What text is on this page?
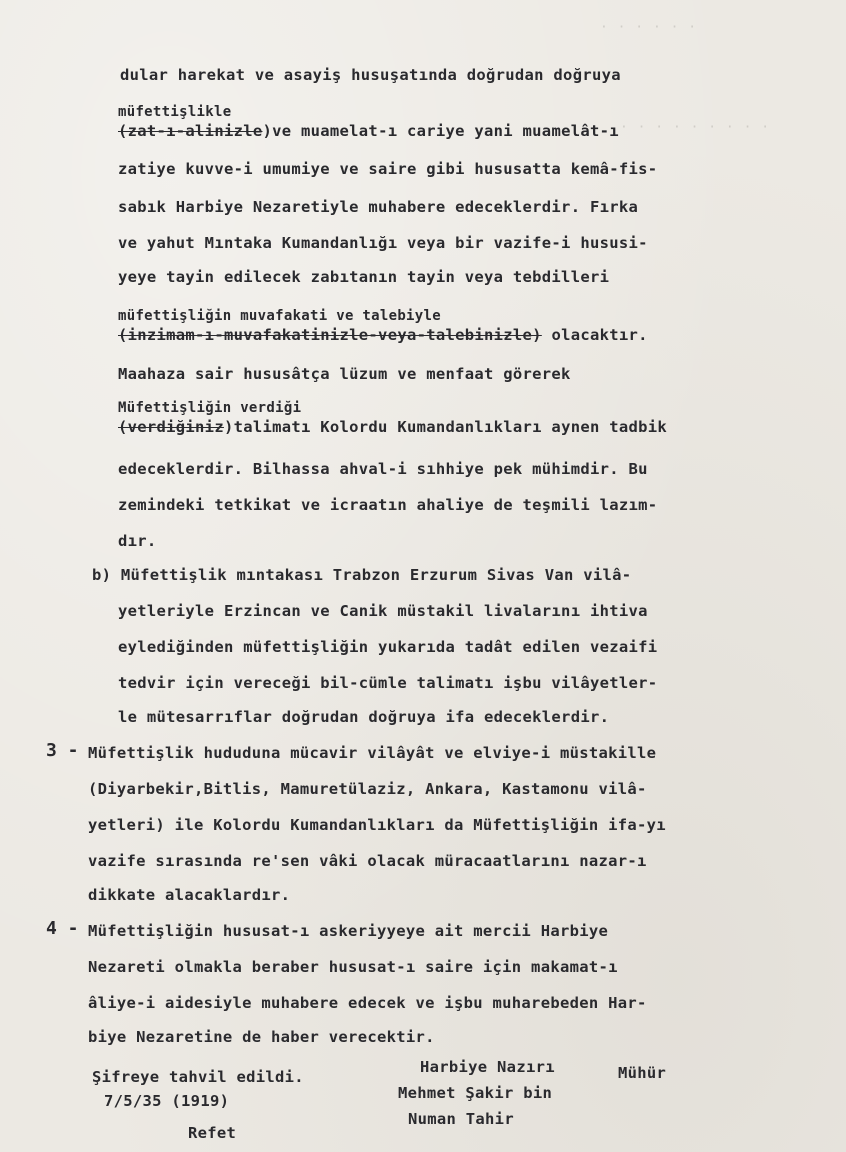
· · · · · ·
· · · · · · · · ·
dular harekat ve asayiş husuşatında doğrudan doğruya
müfettişlikle
(zat-ı-alinizle)ve muamelat-ı cariye yani muamelât-ı
zatiye kuvve-i umumiye ve saire gibi hususatta kemâ-fis-
sabık Harbiye Nezaretiyle muhabere edeceklerdir. Fırka
ve yahut Mıntaka Kumandanlığı veya bir vazife-i hususi-
yeye tayin edilecek zabıtanın tayin veya tebdilleri
müfettişliğin muvafakati ve talebiyle
(inzimam-ı-muvafakatinizle-veya-talebinizle) olacaktır.
Maahaza sair hususâtça lüzum ve menfaat görerek
Müfettişliğin verdiği
(verdiğiniz)talimatı Kolordu Kumandanlıkları aynen tadbik
edeceklerdir. Bilhassa ahval-i sıhhiye pek mühimdir. Bu
zemindeki tetkikat ve icraatın ahaliye de teşmili lazım-
dır.
b) Müfettişlik mıntakası Trabzon Erzurum Sivas Van vilâ-
yetleriyle Erzincan ve Canik müstakil livalarını ihtiva
eylediğinden müfettişliğin yukarıda tadât edilen vezaifi
tedvir için vereceği bil-cümle talimatı işbu vilâyetler-
le mütesarrıflar doğrudan doğruya ifa edeceklerdir.
3 - Müfettişlik hududuna mücavir vilâyât ve elviye-i müstakille
(Diyarbekir,Bitlis, Mamuretülaziz, Ankara, Kastamonu vilâ-
yetleri) ile Kolordu Kumandanlıkları da Müfettişliğin ifa-yı
vazife sırasında re'sen vâki olacak müracaatlarını nazar-ı
dikkate alacaklardır.
4 - Müfettişliğin hususat-ı askeriyyeye ait mercii Harbiye
Nezareti olmakla beraber hususat-ı saire için makamat-ı
âliye-i aidesiyle muhabere edecek ve işbu muharebeden Har-
biye Nezaretine de haber verecektir.
Şifreye tahvil edildi.
7/5/35 (1919)
Refet
Harbiye Nazırı
Mehmet Şakir bin
Numan Tahir
Mühür
